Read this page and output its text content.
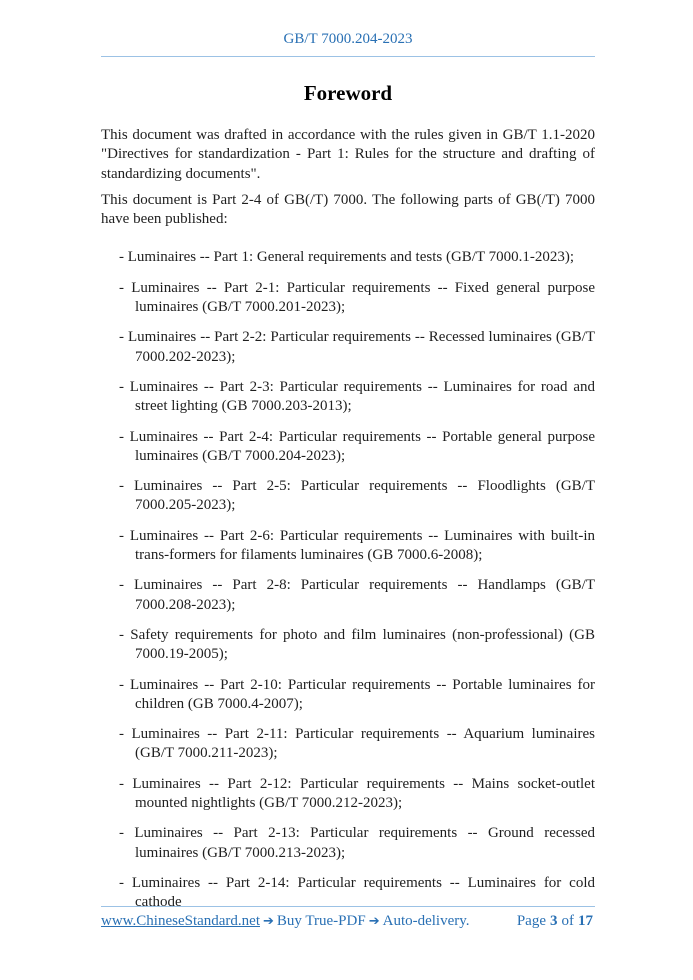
GB/T 7000.204-2023
Foreword

This document was drafted in accordance with the rules given in GB/T 1.1-2020 "Directives for standardization - Part 1: Rules for the structure and drafting of standardizing documents".

This document is Part 2-4 of GB(/T) 7000. The following parts of GB(/T) 7000 have been published:

- Luminaires -- Part 1: General requirements and tests (GB/T 7000.1-2023);
- Luminaires -- Part 2-1: Particular requirements -- Fixed general purpose luminaires (GB/T 7000.201-2023);
- Luminaires -- Part 2-2: Particular requirements -- Recessed luminaires (GB/T 7000.202-2023);
- Luminaires -- Part 2-3: Particular requirements -- Luminaires for road and street lighting (GB 7000.203-2013);
- Luminaires -- Part 2-4: Particular requirements -- Portable general purpose luminaires (GB/T 7000.204-2023);
- Luminaires -- Part 2-5: Particular requirements -- Floodlights (GB/T 7000.205-2023);
- Luminaires -- Part 2-6: Particular requirements -- Luminaires with built-in trans-formers for filaments luminaires (GB 7000.6-2008);
- Luminaires -- Part 2-8: Particular requirements -- Handlamps (GB/T 7000.208-2023);
- Safety requirements for photo and film luminaires (non-professional) (GB 7000.19-2005);
- Luminaires -- Part 2-10: Particular requirements -- Portable luminaires for children (GB 7000.4-2007);
- Luminaires -- Part 2-11: Particular requirements -- Aquarium luminaires (GB/T 7000.211-2023);
- Luminaires -- Part 2-12: Particular requirements -- Mains socket-outlet mounted nightlights (GB/T 7000.212-2023);
- Luminaires -- Part 2-13: Particular requirements -- Ground recessed luminaires (GB/T 7000.213-2023);
- Luminaires -- Part 2-14: Particular requirements -- Luminaires for cold cathode
www.ChineseStandard.net ➔ Buy True-PDF ➔ Auto-delivery.	Page 3 of 17
